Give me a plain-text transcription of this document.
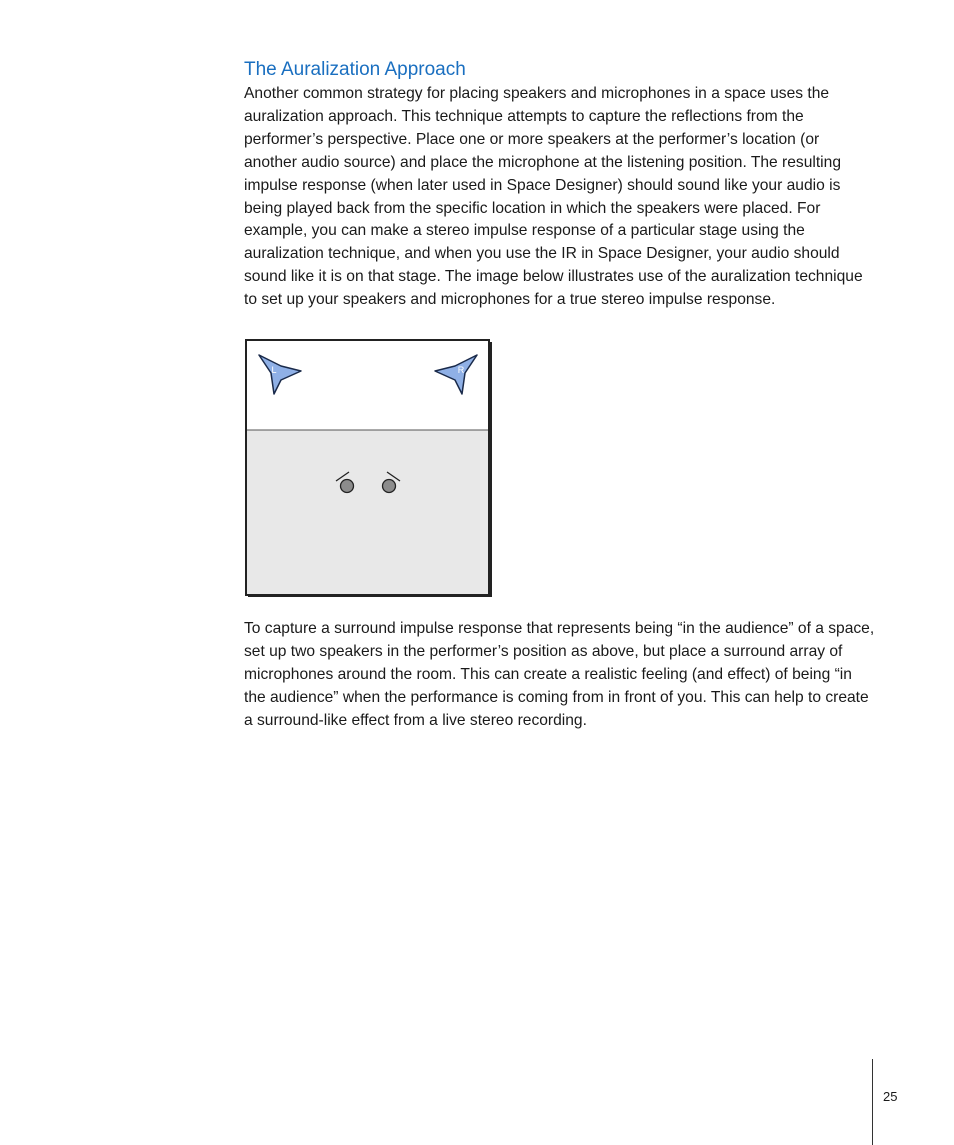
The Auralization Approach

Another common strategy for placing speakers and microphones in a space uses the auralization approach. This technique attempts to capture the reflections from the performer’s perspective. Place one or more speakers at the performer’s location (or another audio source) and place the microphone at the listening position. The resulting impulse response (when later used in Space Designer) should sound like your audio is being played back from the specific location in which the speakers were placed. For example, you can make a stereo impulse response of a particular stage using the auralization technique, and when you use the IR in Space Designer, your audio should sound like it is on that stage. The image below illustrates use of the auralization technique to set up your speakers and microphones for a true stereo impulse response.

L	R

To capture a surround impulse response that represents being “in the audience” of a space, set up two speakers in the performer’s position as above, but place a surround array of microphones around the room. This can create a realistic feeling (and effect) of being “in the audience” when the performance is coming from in front of you. This can help to create a surround-like effect from a live stereo recording.

25
